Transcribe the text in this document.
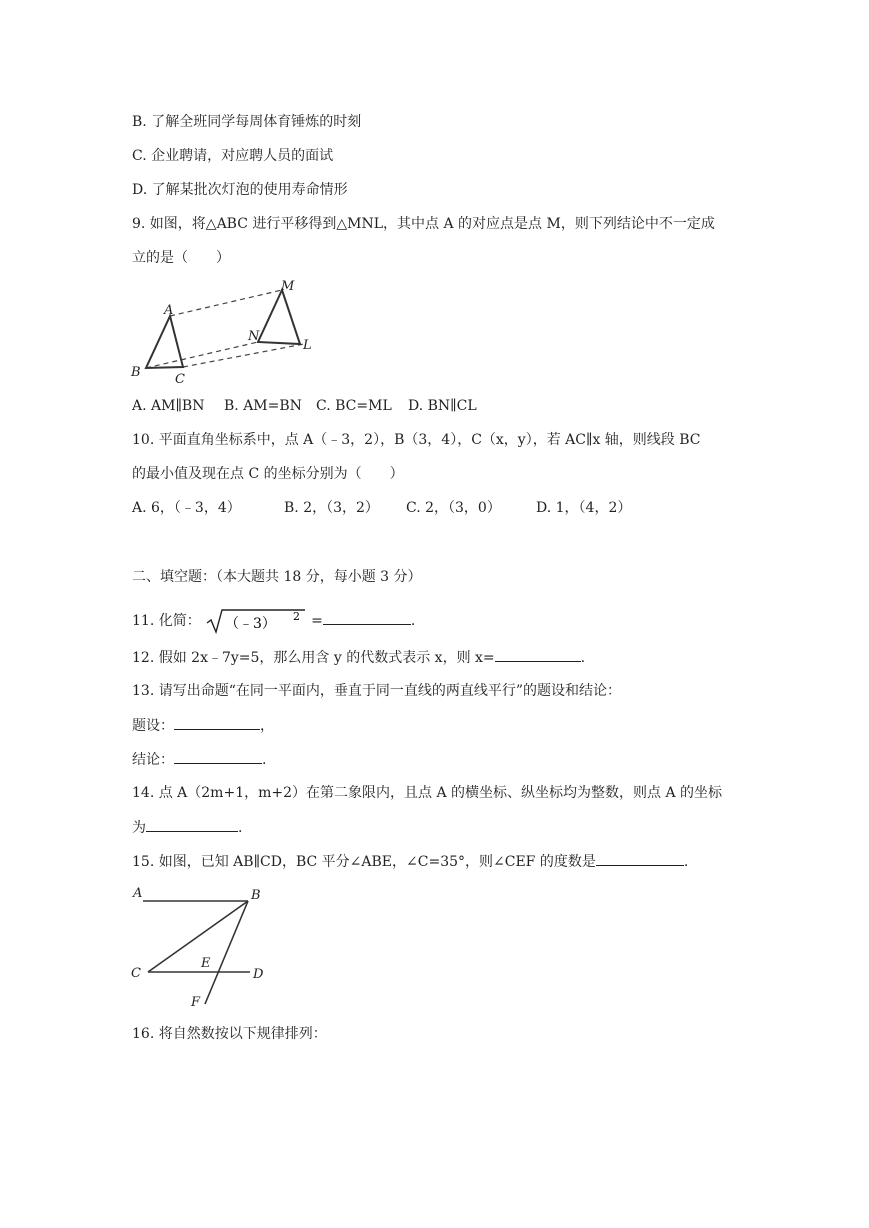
B. 了解全班同学每周体育锤炼的时刻
C. 企业聘请，对应聘人员的面试
D. 了解某批次灯泡的使用寿命情形
9. 如图，将△ABC 进行平移得到△MNL，其中点 A 的对应点是点 M，则下列结论中不一定成
立的是（　　）
A
B	C
M
N
L
A. AM∥BN B. AM=BN C. BC=ML D. BN∥CL
10. 平面直角坐标系中，点 A（﹣3，2），B（3，4），C（x，y），若 AC∥x 轴，则线段 BC
的最小值及现在点 C 的坐标分别为（　　）
A. 6，（﹣3，4）	B. 2，（3，2） C. 2，（3，0）	D. 1，（4，2）
二、填空题：（本大题共 18 分，每小题 3 分）
11. 化简： （﹣3） 2 =	.
12. 假如 2x﹣7y=5，那么用含 y 的代数式表示 x，则 x=	.
13. 请写出命题“在同一平面内，垂直于同一直线的两直线平行”的题设和结论：
题设：	，
结论：	.
14. 点 A（2m+1，m+2）在第二象限内，且点 A 的横坐标、纵坐标均为整数，则点 A 的坐标
为	.
15. 如图，已知 AB∥CD，BC 平分∠ABE，∠C=35°，则∠CEF 的度数是	.
A	B
C	D
E
F
16. 将自然数按以下规律排列：
